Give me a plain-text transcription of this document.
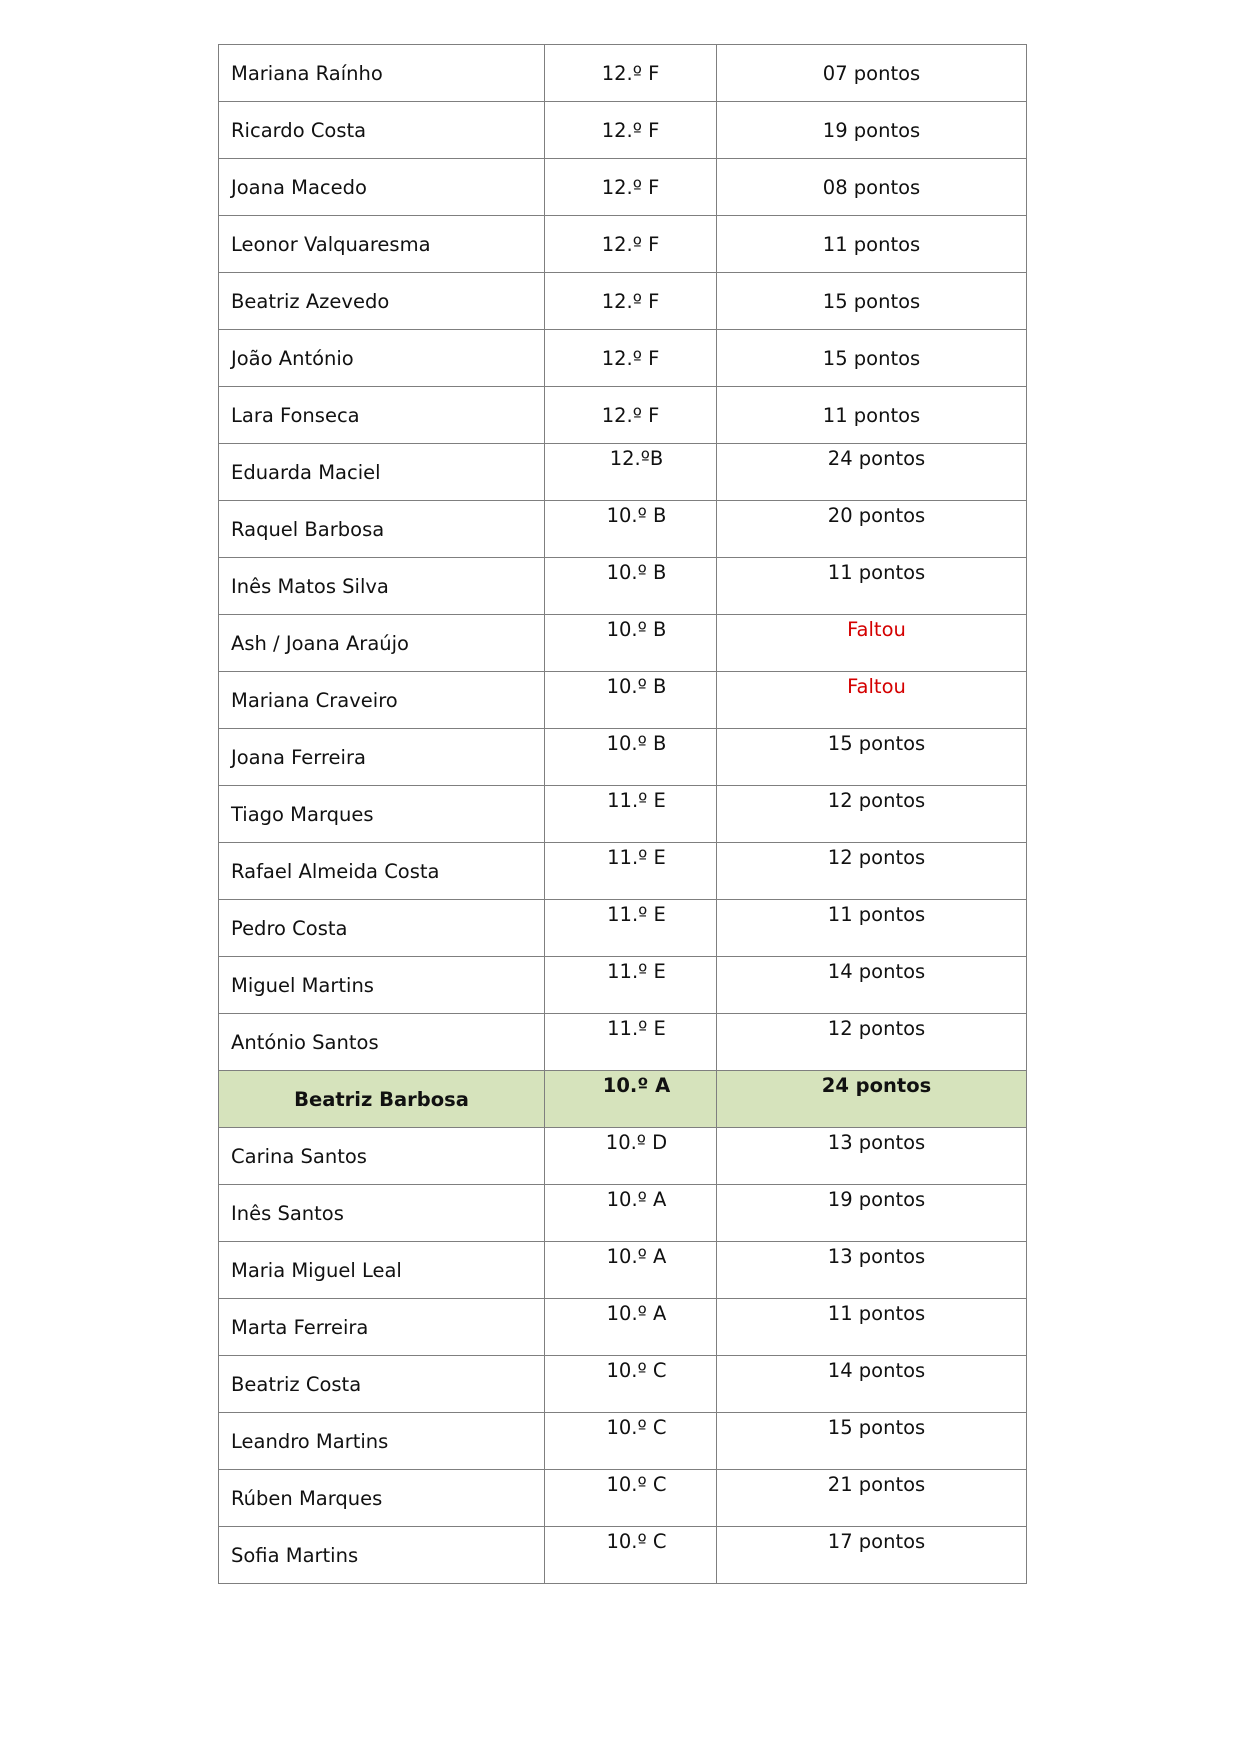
Mariana Raínho	12.º F	07 pontos
Ricardo Costa	12.º F	19 pontos
Joana Macedo	12.º F	08 pontos
Leonor Valquaresma	12.º F	11 pontos
Beatriz Azevedo	12.º F	15 pontos
João António	12.º F	15 pontos
Lara Fonseca	12.º F	11 pontos
Eduarda Maciel	12.ºB	24 pontos
Raquel Barbosa	10.º B	20 pontos
Inês Matos Silva	10.º B	11 pontos
Ash / Joana Araújo	10.º B	Faltou
Mariana Craveiro	10.º B	Faltou
Joana Ferreira	10.º B	15 pontos
Tiago Marques	11.º E	12 pontos
Rafael Almeida Costa	11.º E	12 pontos
Pedro Costa	11.º E	11 pontos
Miguel Martins	11.º E	14 pontos
António Santos	11.º E	12 pontos
Beatriz Barbosa	10.º A	24 pontos
Carina Santos	10.º D	13 pontos
Inês Santos	10.º A	19 pontos
Maria Miguel Leal	10.º A	13 pontos
Marta Ferreira	10.º A	11 pontos
Beatriz Costa	10.º C	14 pontos
Leandro Martins	10.º C	15 pontos
Rúben Marques	10.º C	21 pontos
Sofia Martins	10.º C	17 pontos
